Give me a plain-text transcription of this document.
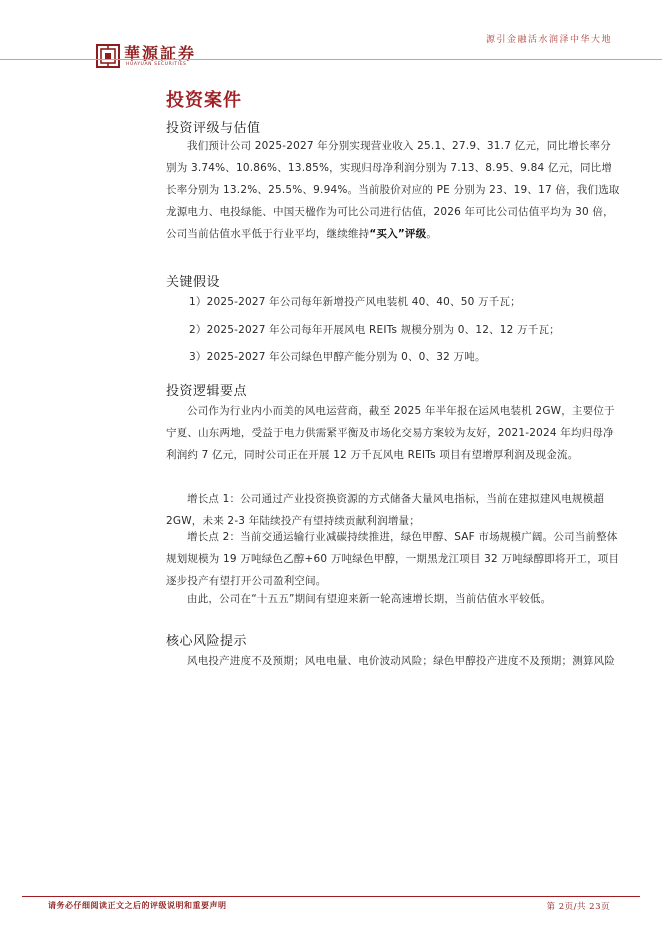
華源証券
HUAYUAN SECURITIES
源引金融活水润泽中华大地
投资案件
投资评级与估值
我们预计公司 2025-2027 年分别实现营业收入 25.1、27.9、31.7 亿元，同比增长率分别为 3.74%、10.86%、13.85%，实现归母净利润分别为 7.13、8.95、9.84 亿元，同比增长率分别为 13.2%、25.5%、9.94%。当前股价对应的 PE 分别为 23、19、17 倍，我们选取龙源电力、电投绿能、中国天楹作为可比公司进行估值，2026 年可比公司估值平均为 30 倍，公司当前估值水平低于行业平均，继续维持“买入”评级。
关键假设
1）2025-2027 年公司每年新增投产风电装机 40、40、50 万千瓦；
2）2025-2027 年公司每年开展风电 REITs 规模分别为 0、12、12 万千瓦；
3）2025-2027 年公司绿色甲醇产能分别为 0、0、32 万吨。
投资逻辑要点
公司作为行业内小而美的风电运营商，截至 2025 年半年报在运风电装机 2GW，主要位于宁夏、山东两地，受益于电力供需紧平衡及市场化交易方案较为友好，2021-2024 年均归母净利润约 7 亿元，同时公司正在开展 12 万千瓦风电 REITs 项目有望增厚利润及现金流。
增长点 1：公司通过产业投资换资源的方式储备大量风电指标，当前在建拟建风电规模超 2GW，未来 2-3 年陆续投产有望持续贡献利润增量；
增长点 2：当前交通运输行业减碳持续推进，绿色甲醇、SAF 市场规模广阔。公司当前整体规划规模为 19 万吨绿色乙醇+60 万吨绿色甲醇，一期黑龙江项目 32 万吨绿醇即将开工，项目逐步投产有望打开公司盈利空间。
由此，公司在“十五五”期间有望迎来新一轮高速增长期，当前估值水平较低。
核心风险提示
风电投产进度不及预期；风电电量、电价波动风险；绿色甲醇投产进度不及预期；测算风险
请务必仔细阅读正文之后的评级说明和重要声明	第 2页/共 23页
